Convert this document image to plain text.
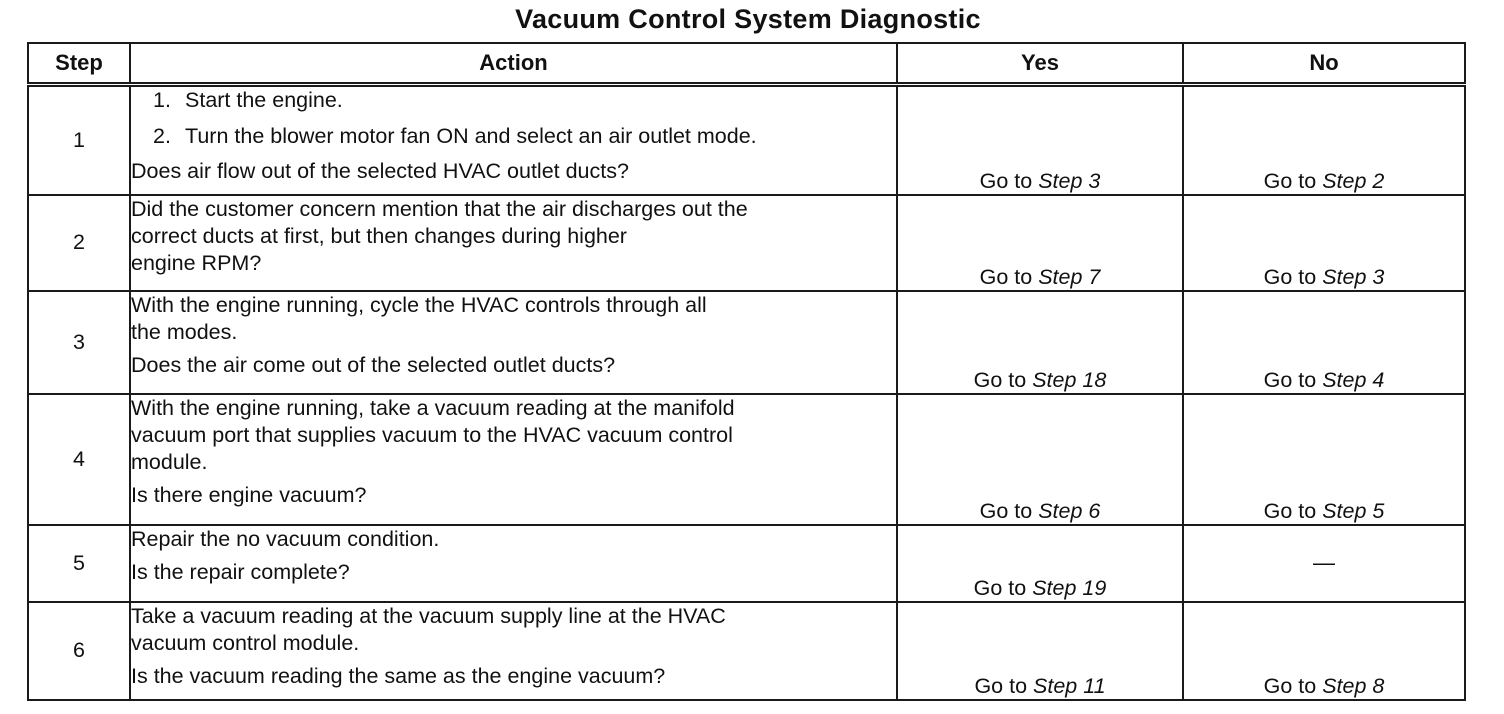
Vacuum Control System Diagnostic
Step	Action	Yes	No
1	1. Start the engine.
2. Turn the blower motor fan ON and select an air outlet mode.
Does air flow out of the selected HVAC outlet ducts?	Go to Step 3	Go to Step 2
2	Did the customer concern mention that the air discharges out the
correct ducts at first, but then changes during higher
engine RPM?	Go to Step 7	Go to Step 3
3	With the engine running, cycle the HVAC controls through all
the modes.
Does the air come out of the selected outlet ducts?	Go to Step 18	Go to Step 4
4	With the engine running, take a vacuum reading at the manifold
vacuum port that supplies vacuum to the HVAC vacuum control
module.
Is there engine vacuum?	Go to Step 6	Go to Step 5
5	Repair the no vacuum condition.
Is the repair complete?	Go to Step 19	—
6	Take a vacuum reading at the vacuum supply line at the HVAC
vacuum control module.
Is the vacuum reading the same as the engine vacuum?	Go to Step 11	Go to Step 8
